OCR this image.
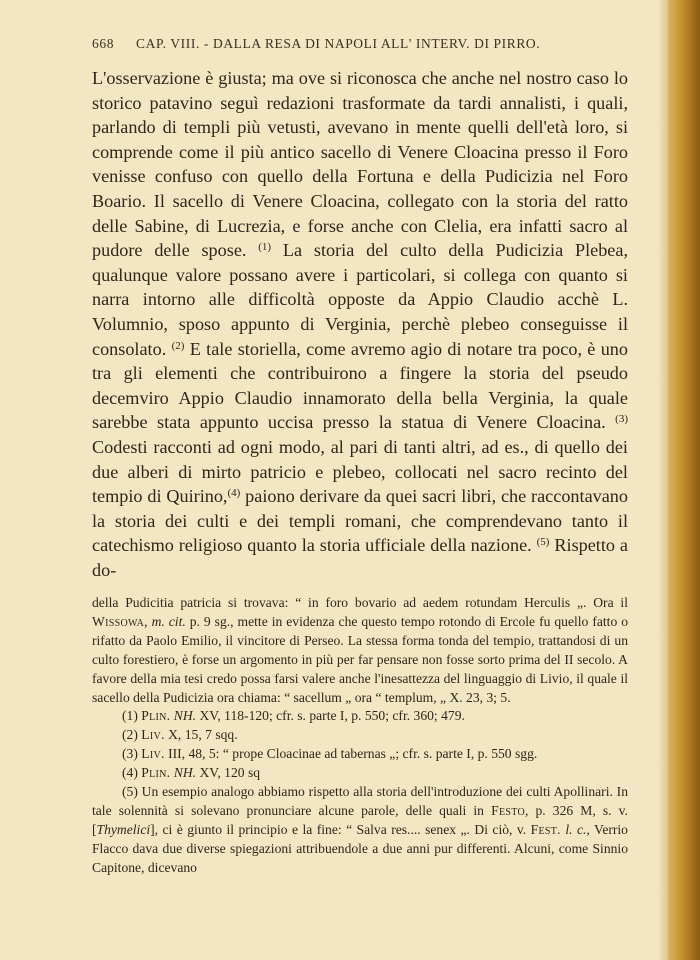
668 CAP. VIII. - DALLA RESA DI NAPOLI ALL' INTERV. DI PIRRO.
L'osservazione è giusta; ma ove si riconosca che anche nel nostro caso lo storico patavino seguì redazioni trasformate da tardi annalisti, i quali, parlando di templi più vetusti, avevano in mente quelli dell'età loro, si comprende come il più antico sacello di Venere Cloacina presso il Foro venisse confuso con quello della Fortuna e della Pudicizia nel Foro Boario. Il sacello di Venere Cloacina, collegato con la storia del ratto delle Sabine, di Lucrezia, e forse anche con Clelia, era infatti sacro al pudore delle spose. $^{(1)}$ La storia del culto della Pudicizia Plebea, qualunque valore possano avere i particolari, si collega con quanto si narra intorno alle difficoltà opposte da Appio Claudio acchè L. Volumnio, sposo appunto di Verginia, perchè plebeo conseguisse il consolato. $^{(2)}$ E tale storiella, come avremo agio di notare tra poco, è uno tra gli elementi che contribuirono a fingere la storia del pseudo decemviro Appio Claudio innamorato della bella Verginia, la quale sarebbe stata appunto uccisa presso la statua di Venere Cloacina. $^{(3)}$ Codesti racconti ad ogni modo, al pari di tanti altri, ad es., di quello dei due alberi di mirto patricio e plebeo, collocati nel sacro recinto del tempio di Quirino,$^{(4)}$ paiono derivare da quei sacri libri, che raccontavano la storia dei culti e dei templi romani, che comprendevano tanto il catechismo religioso quanto la storia ufficiale della nazione. $^{(5)}$ Rispetto a do-

della Pudicitia patricia si trovava: “ in foro bovario ad aedem rotundam Herculis „. Ora il Wissowa, m. cit. p. 9 sg., mette in evidenza che questo tempo rotondo di Ercole fu quello fatto o rifatto da Paolo Emilio, il vincitore di Perseo. La stessa forma tonda del tempio, trattandosi di un culto forestiero, è forse un argomento in più per far pensare non fosse sorto prima del II secolo. A favore della mia tesi credo possa farsi valere anche l'inesattezza del linguaggio di Livio, il quale il sacello della Pudicizia ora chiama: “ sacellum „ ora “ templum, „ X. 23, 3; 5.

(1) Plin. NH. XV, 118-120; cfr. s. parte I, p. 550; cfr. 360; 479.

(2) Liv. X, 15, 7 sqq.

(3) Liv. III, 48, 5: “ prope Cloacinae ad tabernas „; cfr. s. parte I, p. 550 sgg.

(4) Plin. NH. XV, 120 sq

(5) Un esempio analogo abbiamo rispetto alla storia dell'introduzione dei culti Apollinari. In tale solennità si solevano pronunciare alcune parole, delle quali in Festo, p. 326 M, s. v. [Thymelici], ci è giunto il principio e la fine: “ Salva res.... senex „. Di ciò, v. Fest. l. c., Verrio Flacco dava due diverse spiegazioni attribuendole a due anni pur differenti. Alcuni, come Sinnio Capitone, dicevano
